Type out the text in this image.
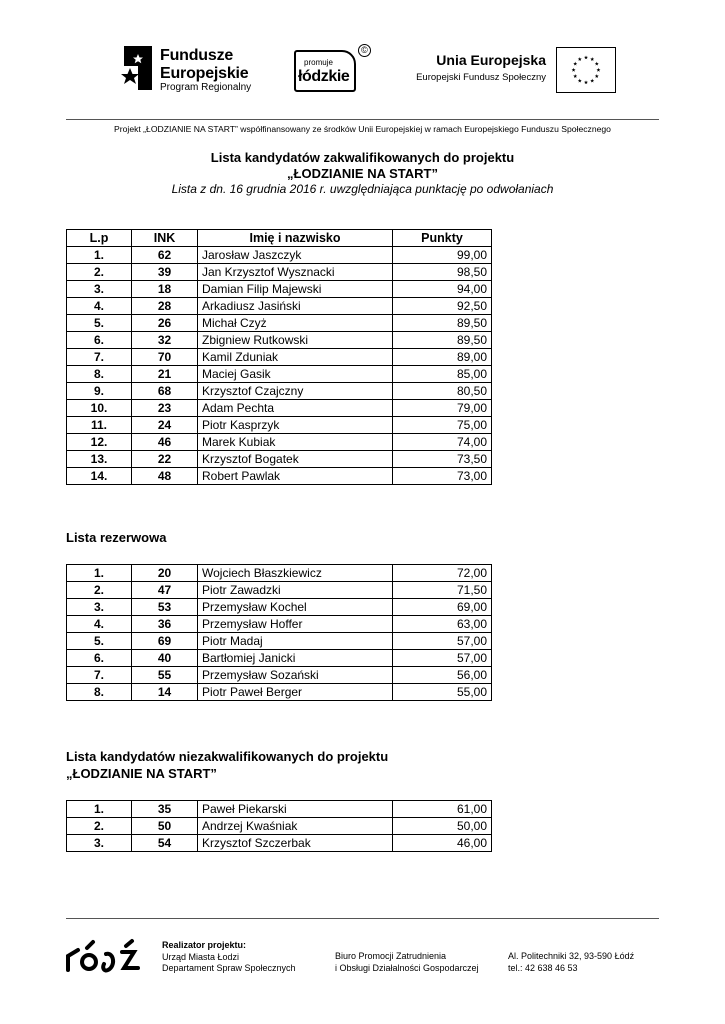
Fundusze
Europejskie
Program Regionalny
promuje
łódzkie
©
Unia Europejska
Europejski Fundusz Społeczny
Projekt „ŁODZIANIE NA START” współfinansowany ze środków Unii Europejskiej w ramach Europejskiego Funduszu Społecznego
Lista kandydatów zakwalifikowanych do projektu
„ŁODZIANIE NA START”
Lista z dn. 16 grudnia 2016 r. uwzględniająca punktację po odwołaniach
L.p	INK	Imię i nazwisko	Punkty
1.	62	Jarosław Jaszczyk	99,00
2.	39	Jan Krzysztof Wysznacki	98,50
3.	18	Damian Filip Majewski	94,00
4.	28	Arkadiusz Jasiński	92,50
5.	26	Michał Czyż	89,50
6.	32	Zbigniew Rutkowski	89,50
7.	70	Kamil Zduniak	89,00
8.	21	Maciej Gasik	85,00
9.	68	Krzysztof Czajczny	80,50
10.	23	Adam Pechta	79,00
11.	24	Piotr Kasprzyk	75,00
12.	46	Marek Kubiak	74,00
13.	22	Krzysztof Bogatek	73,50
14.	48	Robert Pawlak	73,00
Lista rezerwowa
1.	20	Wojciech Błaszkiewicz	72,00
2.	47	Piotr Zawadzki	71,50
3.	53	Przemysław Kochel	69,00
4.	36	Przemysław Hoffer	63,00
5.	69	Piotr Madaj	57,00
6.	40	Bartłomiej Janicki	57,00
7.	55	Przemysław Sozański	56,00
8.	14	Piotr Paweł Berger	55,00
Lista kandydatów niezakwalifikowanych do projektu
„ŁODZIANIE NA START”
1.	35	Paweł Piekarski	61,00
2.	50	Andrzej Kwaśniak	50,00
3.	54	Krzysztof Szczerbak	46,00
Realizator projektu:
Urząd Miasta Łodzi
Departament Spraw Społecznych
Biuro Promocji Zatrudnienia
i Obsługi Działalności Gospodarczej
Al. Politechniki 32, 93-590 Łódź
tel.: 42 638 46 53
